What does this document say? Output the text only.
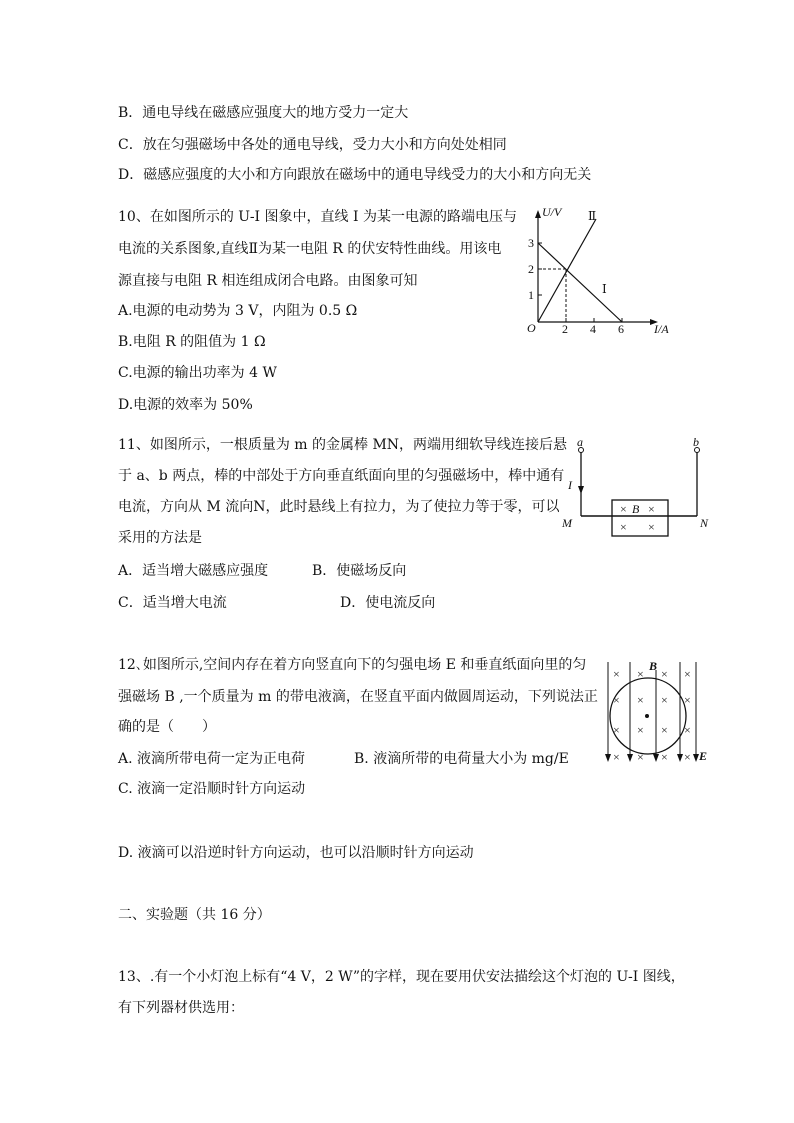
B．通电导线在磁感应强度大的地方受力一定大
C．放在匀强磁场中各处的通电导线，受力大小和方向处处相同
D．磁感应强度的大小和方向跟放在磁场中的通电导线受力的大小和方向无关
10、在如图所示的 U-I 图象中，直线 I 为某一电源的路端电压与
电流的关系图象,直线Ⅱ为某一电阻 R 的伏安特性曲线。用该电
源直接与电阻 R 相连组成闭合电路。由图象可知
A.电源的电动势为 3 V，内阻为 0.5 Ω
B.电阻 R 的阻值为 1 Ω
C.电源的输出功率为 4 W
D.电源的效率为 50%
U/V
I/A
O
1
2
3
2 4 6
Ⅰ
Ⅱ
11、如图所示，一根质量为 m 的金属棒 MN，两端用细软导线连接后悬
于 a、b 两点，棒的中部处于方向垂直纸面向里的匀强磁场中，棒中通有
电流，方向从 M 流向N，此时悬线上有拉力，为了使拉力等于零，可以
采用的方法是
A．适当增大磁感应强度	B．使磁场反向
C．适当增大电流	D．使电流反向
a	b
I
M	N
× B ×
× ×
12､如图所示,空间内存在着方向竖直向下的匀强电场 E 和垂直纸面向里的匀
强磁场 B ,一个质量为 m 的带电液滴，在竖直平面内做圆周运动，下列说法正
确的是（　　）
A. 液滴所带电荷一定为正电荷	B. 液滴所带的电荷量大小为 mg/E
C. 液滴一定沿顺时针方向运动
D. 液滴可以沿逆时针方向运动，也可以沿顺时针方向运动
× × × ×
× × × ×
× × × ×
× × × ×
B
E
二、实验题（共 16 分）
13、.有一个小灯泡上标有“4 V，2 W”的字样，现在要用伏安法描绘这个灯泡的 U-I 图线，
有下列器材供选用：
